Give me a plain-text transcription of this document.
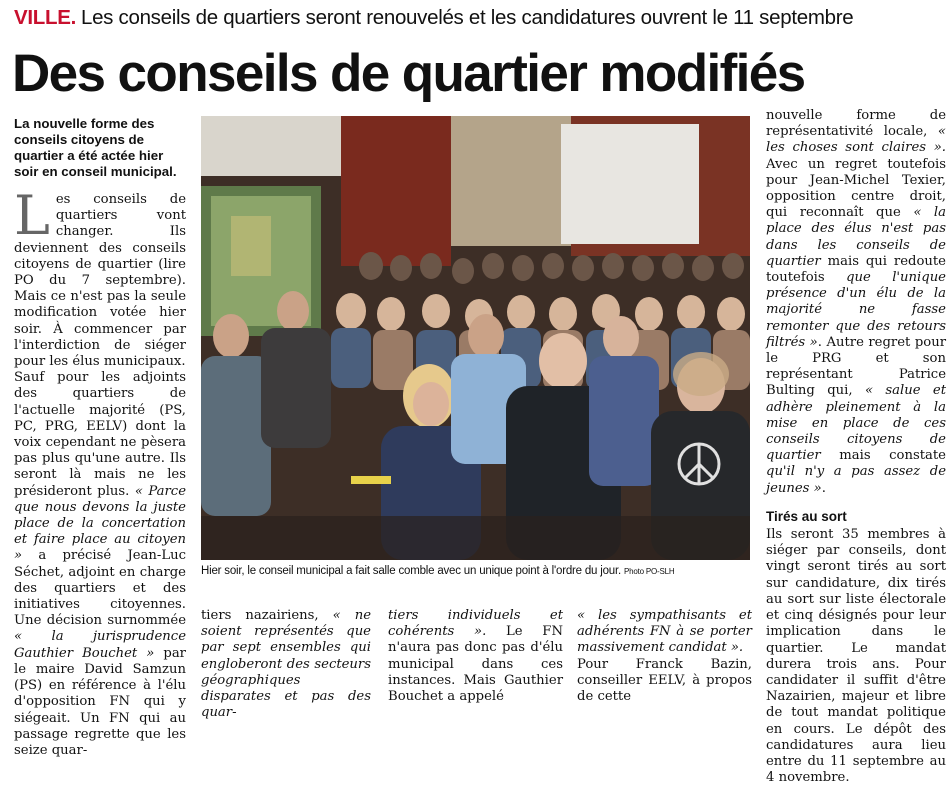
VILLE. Les conseils de quartiers seront renouvelés et les candidatures ouvrent le 11 septembre
Des conseils de quartier modifiés
La nouvelle forme des conseils citoyens de quartier a été actée hier soir en conseil municipal.

Les conseils de quartiers vont changer. Ils deviennent des conseils citoyens de quartier (lire PO du 7 septembre). Mais ce n'est pas la seule modification votée hier soir. À commencer par l'interdiction de siéger pour les élus municipaux.

Sauf pour les adjoints des quartiers de l'actuelle majorité (PS, PC, PRG, EELV) dont la voix cependant ne pèsera pas plus qu'une autre. Ils seront là mais ne les présideront plus. « Parce que nous devons la juste place de la concertation et faire place au citoyen » a précisé Jean-Luc Séchet, adjoint en charge des quartiers et des initiatives citoyennes. Une décision surnommée « la jurisprudence Gauthier Bouchet » par le maire David Samzun (PS) en référence à l'élu d'opposition FN qui y siégeait. Un FN qui au passage regrette que les seize quar-

Hier soir, le conseil municipal a fait salle comble avec un unique point à l'ordre du jour. Photo PO-SLH

tiers nazairiens, « ne soient représentés que par sept ensembles qui engloberont des secteurs géographiques disparates et pas des quar-

tiers individuels et cohérents ». Le FN n'aura pas donc pas d'élu municipal dans ces instances. Mais Gauthier Bouchet a appelé

« les sympathisants et adhérents FN à se porter massivement candidat ».

Pour Franck Bazin, conseiller EELV, à propos de cette

nouvelle forme de représentativité locale, « les choses sont claires ». Avec un regret toutefois pour Jean-Michel Texier, opposition centre droit, qui reconnaît que « la place des élus n'est pas dans les conseils de quartier mais qui redoute toutefois que l'unique présence d'un élu de la majorité ne fasse remonter que des retours filtrés ». Autre regret pour le PRG et son représentant Patrice Bulting qui, « salue et adhère pleinement à la mise en place de ces conseils citoyens de quartier mais constate qu'il n'y a pas assez de jeunes ».

Tirés au sort

Ils seront 35 membres à siéger par conseils, dont vingt seront tirés au sort sur candidature, dix tirés au sort sur liste électorale et cinq désignés pour leur implication dans le quartier. Le mandat durera trois ans. Pour candidater il suffit d'être Nazairien, majeur et libre de tout mandat politique en cours. Le dépôt des candidatures aura lieu entre du 11 septembre au 4 novembre.
